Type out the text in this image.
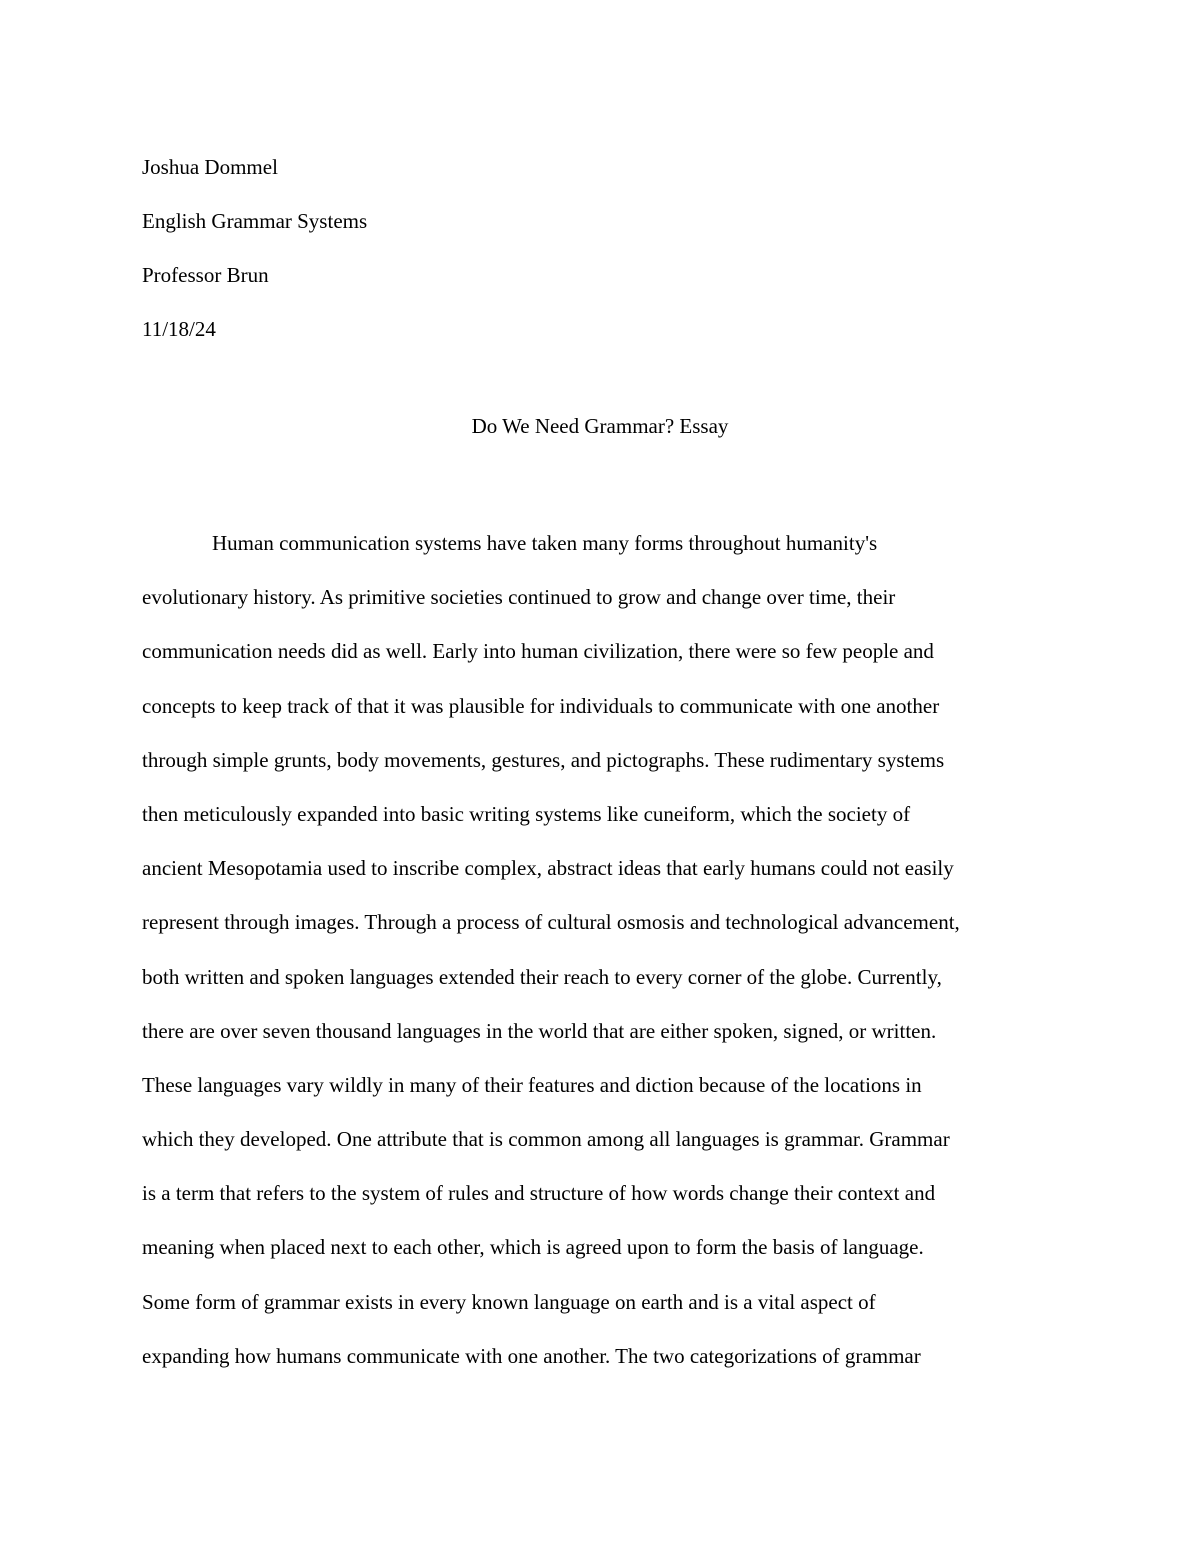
Joshua Dommel
English Grammar Systems
Professor Brun
11/18/24
Do We Need Grammar? Essay
Human communication systems have taken many forms throughout humanity's
evolutionary history. As primitive societies continued to grow and change over time, their
communication needs did as well. Early into human civilization, there were so few people and
concepts to keep track of that it was plausible for individuals to communicate with one another
through simple grunts, body movements, gestures, and pictographs. These rudimentary systems
then meticulously expanded into basic writing systems like cuneiform, which the society of
ancient Mesopotamia used to inscribe complex, abstract ideas that early humans could not easily
represent through images. Through a process of cultural osmosis and technological advancement,
both written and spoken languages extended their reach to every corner of the globe. Currently,
there are over seven thousand languages in the world that are either spoken, signed, or written.
These languages vary wildly in many of their features and diction because of the locations in
which they developed. One attribute that is common among all languages is grammar. Grammar
is a term that refers to the system of rules and structure of how words change their context and
meaning when placed next to each other, which is agreed upon to form the basis of language.
Some form of grammar exists in every known language on earth and is a vital aspect of
expanding how humans communicate with one another. The two categorizations of grammar
